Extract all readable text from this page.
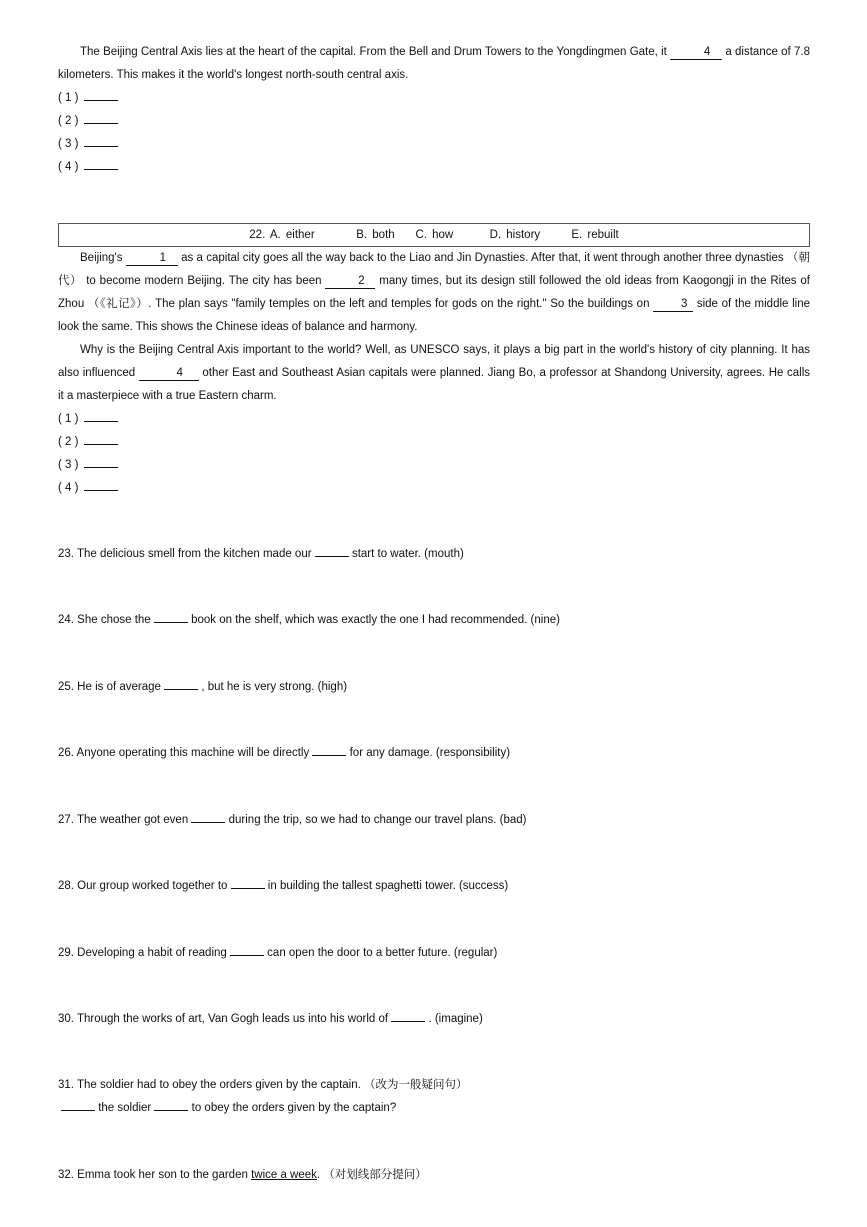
The Beijing Central Axis lies at the heart of the capital. From the Bell and Drum Towers to the Yongdingmen Gate, it	4 a distance of 7.8 kilometers. This makes it the world's longest north-south central axis.

( 1 )
( 2 )
( 3 )
( 4 )
22. A. either        B. both    C. how       D. history      E. rebuilt

Beijing's	1 as a capital city goes all the way back to the Liao and Jin Dynasties. After that, it went through another three dynasties （朝代） to become modern Beijing. The city has been	2 many times, but its design still followed the old ideas from Kaogongji in the Rites of Zhou （《礼记》）. The plan says "family temples on the left and temples for gods on the right." So the buildings on 3 side of the middle line look the same. This shows the Chinese ideas of balance and harmony.

Why is the Beijing Central Axis important to the world? Well, as UNESCO says, it plays a big part in the world's history of city planning. It has also influenced	4 other East and Southeast Asian capitals were planned. Jiang Bo, a professor at Shandong University, agrees. He calls it a masterpiece with a true Eastern charm.

( 1 )
( 2 )
( 3 )
( 4 )
23. The delicious smell from the kitchen made our	start to water. (mouth)
24. She chose the	book on the shelf, which was exactly the one I had recommended. (nine)
25. He is of average	, but he is very strong. (high)
26. Anyone operating this machine will be directly	for any damage. (responsibility)
27. The weather got even	during the trip, so we had to change our travel plans. (bad)
28. Our group worked together to	in building the tallest spaghetti tower. (success)
29. Developing a habit of reading	can open the door to a better future. (regular)
30. Through the works of art, Van Gogh leads us into his world of	. (imagine)
31. The soldier had to obey the orders given by the captain. （改为一般疑问句）
the soldier	to obey the orders given by the captain?
32. Emma took her son to the garden twice a week. （对划线部分提问）
